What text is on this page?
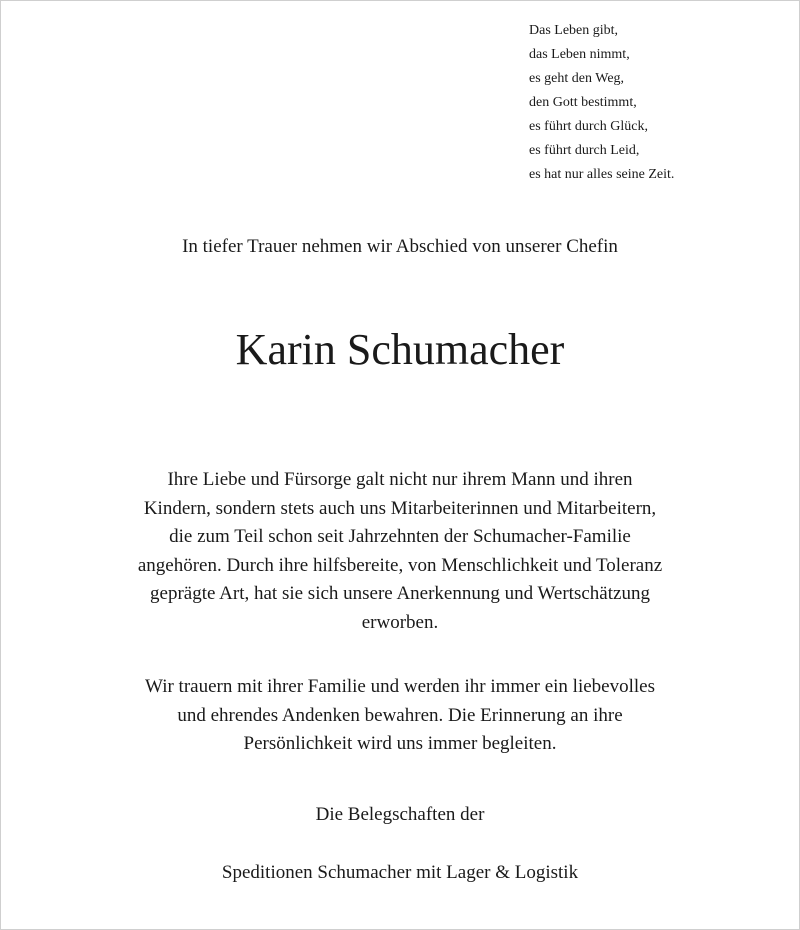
Das Leben gibt,
das Leben nimmt,
es geht den Weg,
den Gott bestimmt,
es führt durch Glück,
es führt durch Leid,
es hat nur alles seine Zeit.
In tiefer Trauer nehmen wir Abschied von unserer Chefin
Karin Schumacher
Ihre Liebe und Fürsorge galt nicht nur ihrem Mann und ihren
Kindern, sondern stets auch uns Mitarbeiterinnen und Mitarbeitern,
die zum Teil schon seit Jahrzehnten der Schumacher-Familie
angehören. Durch ihre hilfsbereite, von Menschlichkeit und Toleranz
geprägte Art, hat sie sich unsere Anerkennung und Wertschätzung
erworben.
Wir trauern mit ihrer Familie und werden ihr immer ein liebevolles
und ehrendes Andenken bewahren. Die Erinnerung an ihre
Persönlichkeit wird uns immer begleiten.
Die Belegschaften der
Speditionen Schumacher mit Lager & Logistik
